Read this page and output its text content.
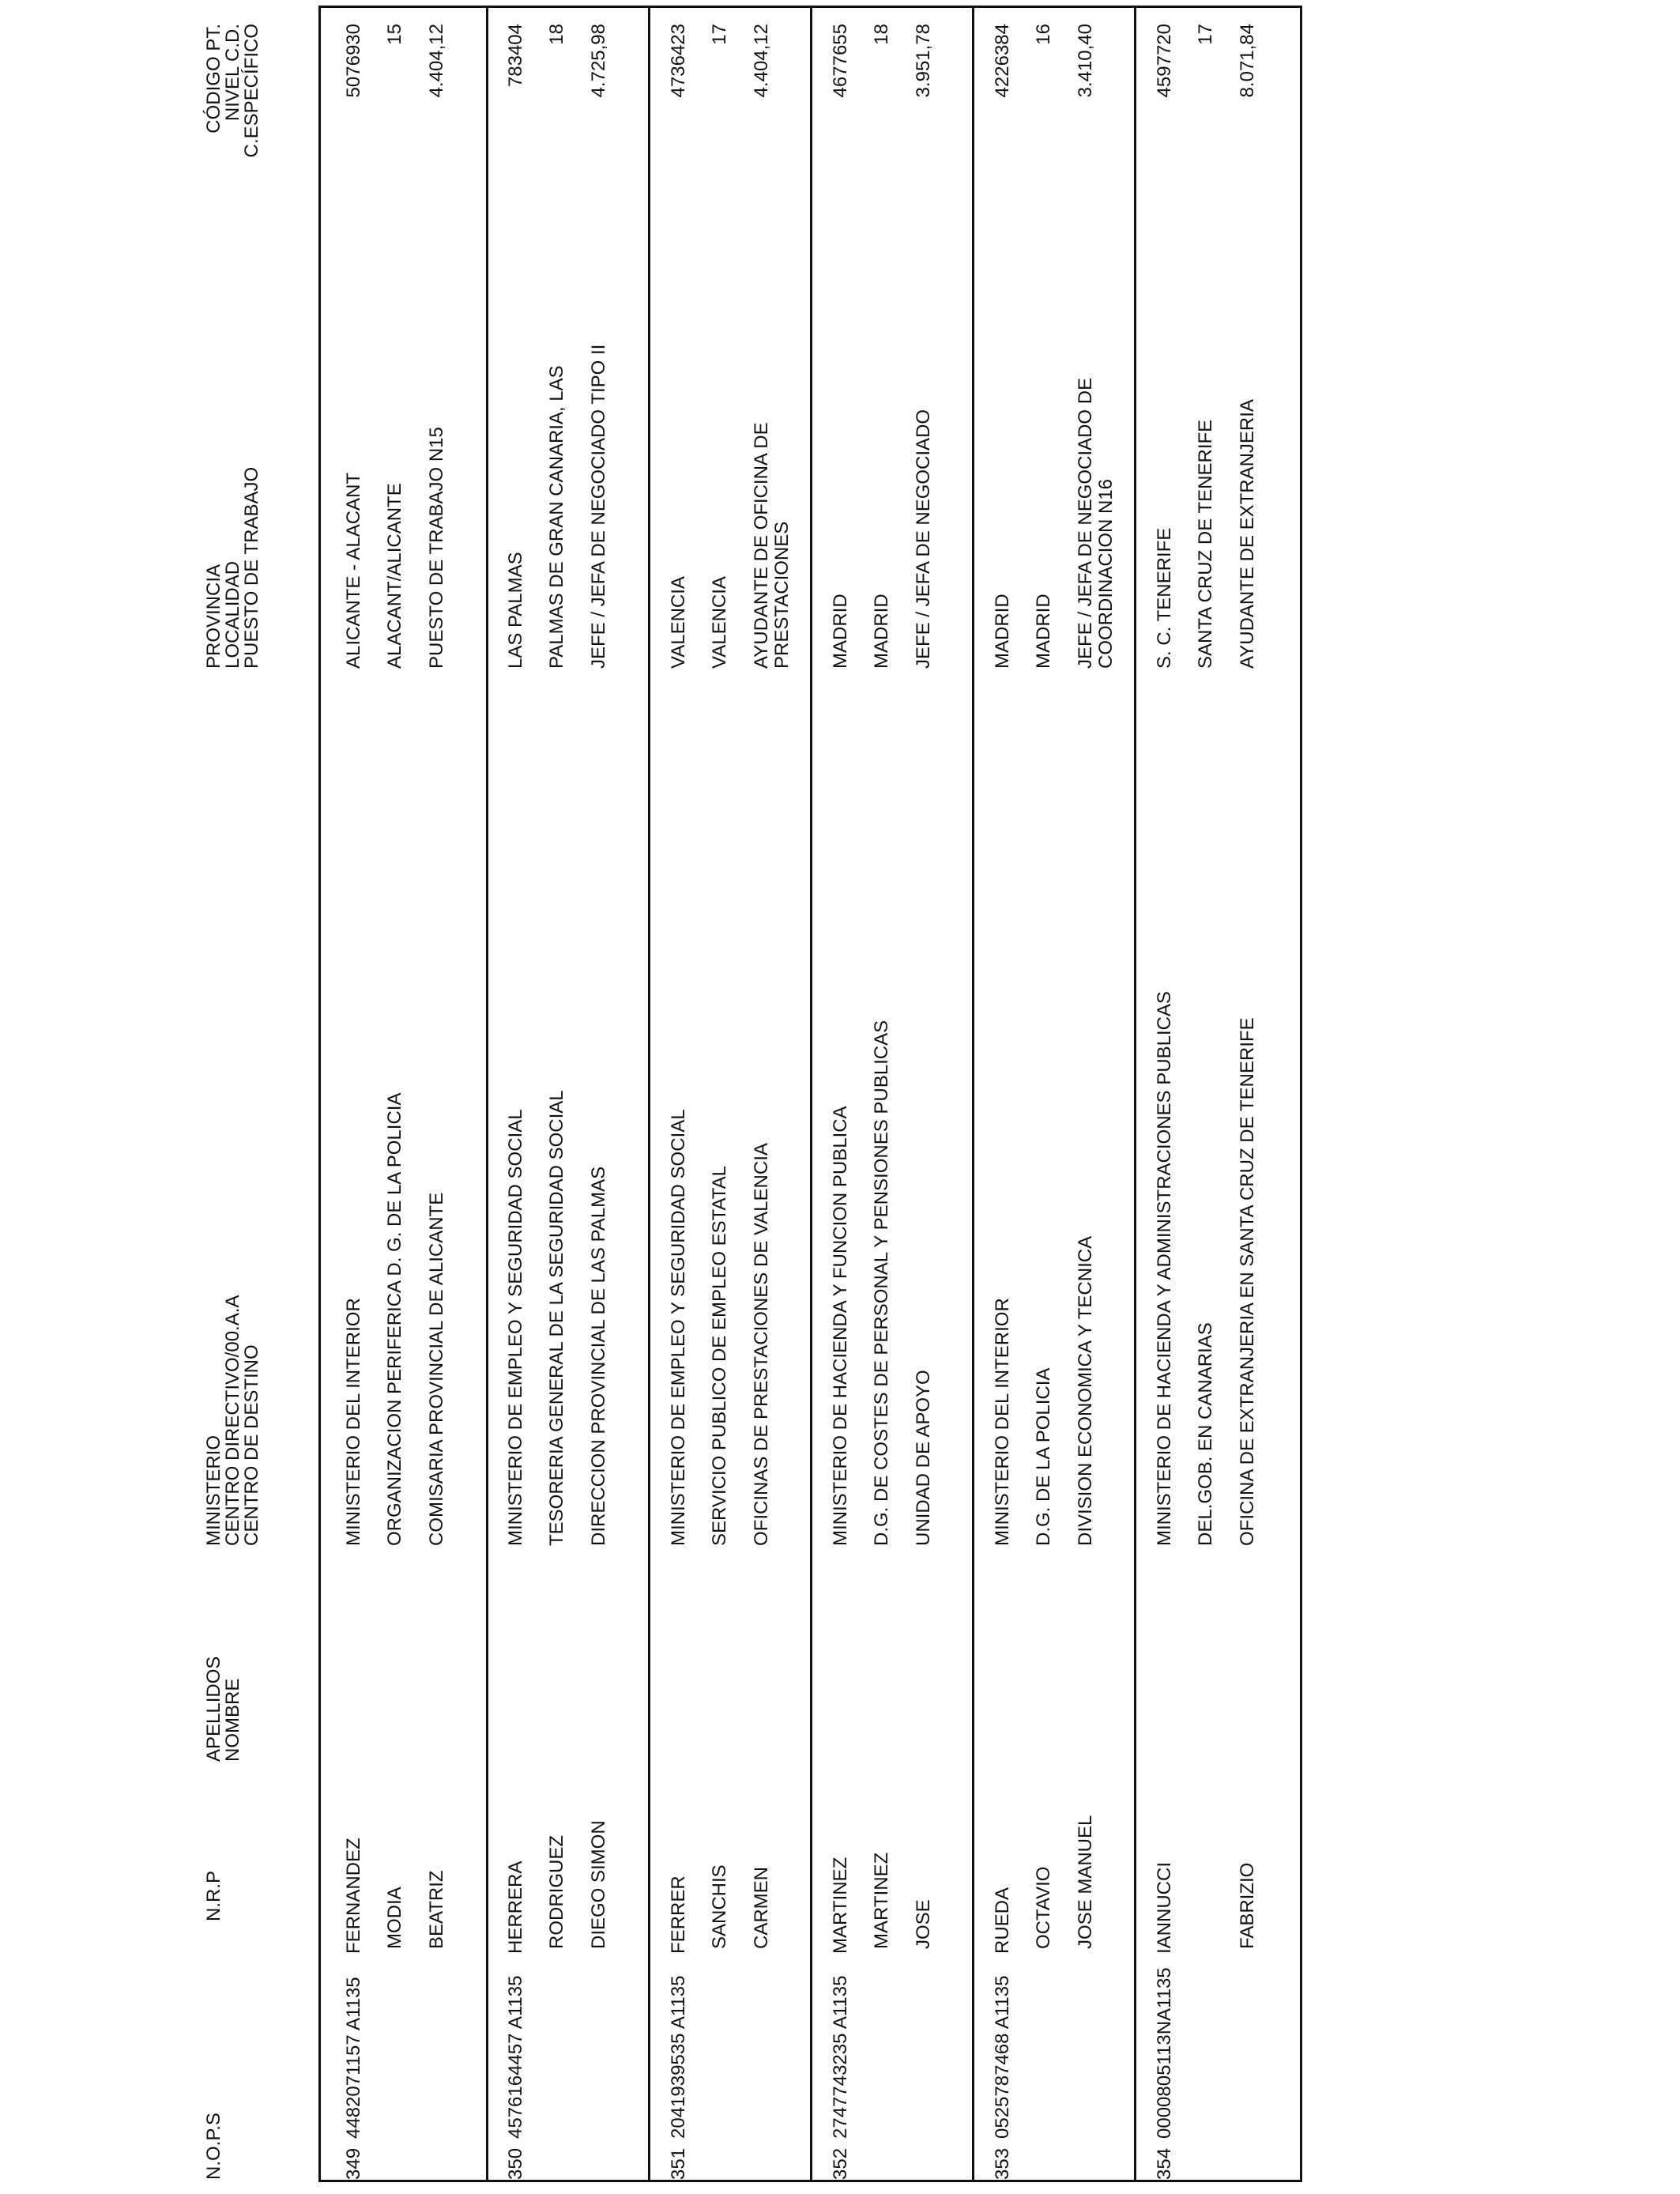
N.O.P.S
N.R.P
APELLIDOS
NOMBRE
MINISTERIO
CENTRO DIRECTIVO/00.A.A
CENTRO DE DESTINO
PROVINCIA
LOCALIDAD
PUESTO DE TRABAJO
CÓDIGO PT.
NIVEL C.D.
C.ESPECÍFICO
349
4482071157 A1135
FERNANDEZ MODIA BEATRIZ
MINISTERIO DEL INTERIOR ORGANIZACION PERIFERICA D. G. DE LA POLICIA COMISARIA PROVINCIAL DE ALICANTE
ALICANTE - ALACANT ALACANT/ALICANTE PUESTO DE TRABAJO N15
5076930 15 4.404,12
350
4576164457 A1135
HERRERA RODRIGUEZ DIEGO SIMON
MINISTERIO DE EMPLEO Y SEGURIDAD SOCIAL TESORERIA GENERAL DE LA SEGURIDAD SOCIAL DIRECCION PROVINCIAL DE LAS PALMAS
LAS PALMAS PALMAS DE GRAN CANARIA, LAS JEFE / JEFA DE NEGOCIADO TIPO II
783404 18 4.725,98
351
2041939535 A1135
FERRER SANCHIS CARMEN
MINISTERIO DE EMPLEO Y SEGURIDAD SOCIAL SERVICIO PUBLICO DE EMPLEO ESTATAL OFICINAS DE PRESTACIONES DE VALENCIA
VALENCIA VALENCIA AYUDANTE DE OFICINA DE PRESTACIONES
4736423 17 4.404,12
352
2747743235 A1135
MARTINEZ MARTINEZ JOSE
MINISTERIO DE HACIENDA Y FUNCION PUBLICA D.G. DE COSTES DE PERSONAL Y PENSIONES PUBLICAS UNIDAD DE APOYO
MADRID MADRID JEFE / JEFA DE NEGOCIADO
4677655 18 3.951,78
353
0525787468 A1135
RUEDA OCTAVIO JOSE MANUEL
MINISTERIO DEL INTERIOR D.G. DE LA POLICIA DIVISION ECONOMICA Y TECNICA
MADRID MADRID JEFE / JEFA DE NEGOCIADO DE COORDINACION N16
4226384 16 3.410,40
354
0000805113NA1135
IANNUCCI	FABRIZIO
MINISTERIO DE HACIENDA Y ADMINISTRACIONES PUBLICAS DEL.GOB. EN CANARIAS OFICINA DE EXTRANJERIA EN SANTA CRUZ DE TENERIFE
S. C. TENERIFE SANTA CRUZ DE TENERIFE AYUDANTE DE EXTRANJERIA
4597720 17 8.071,84
